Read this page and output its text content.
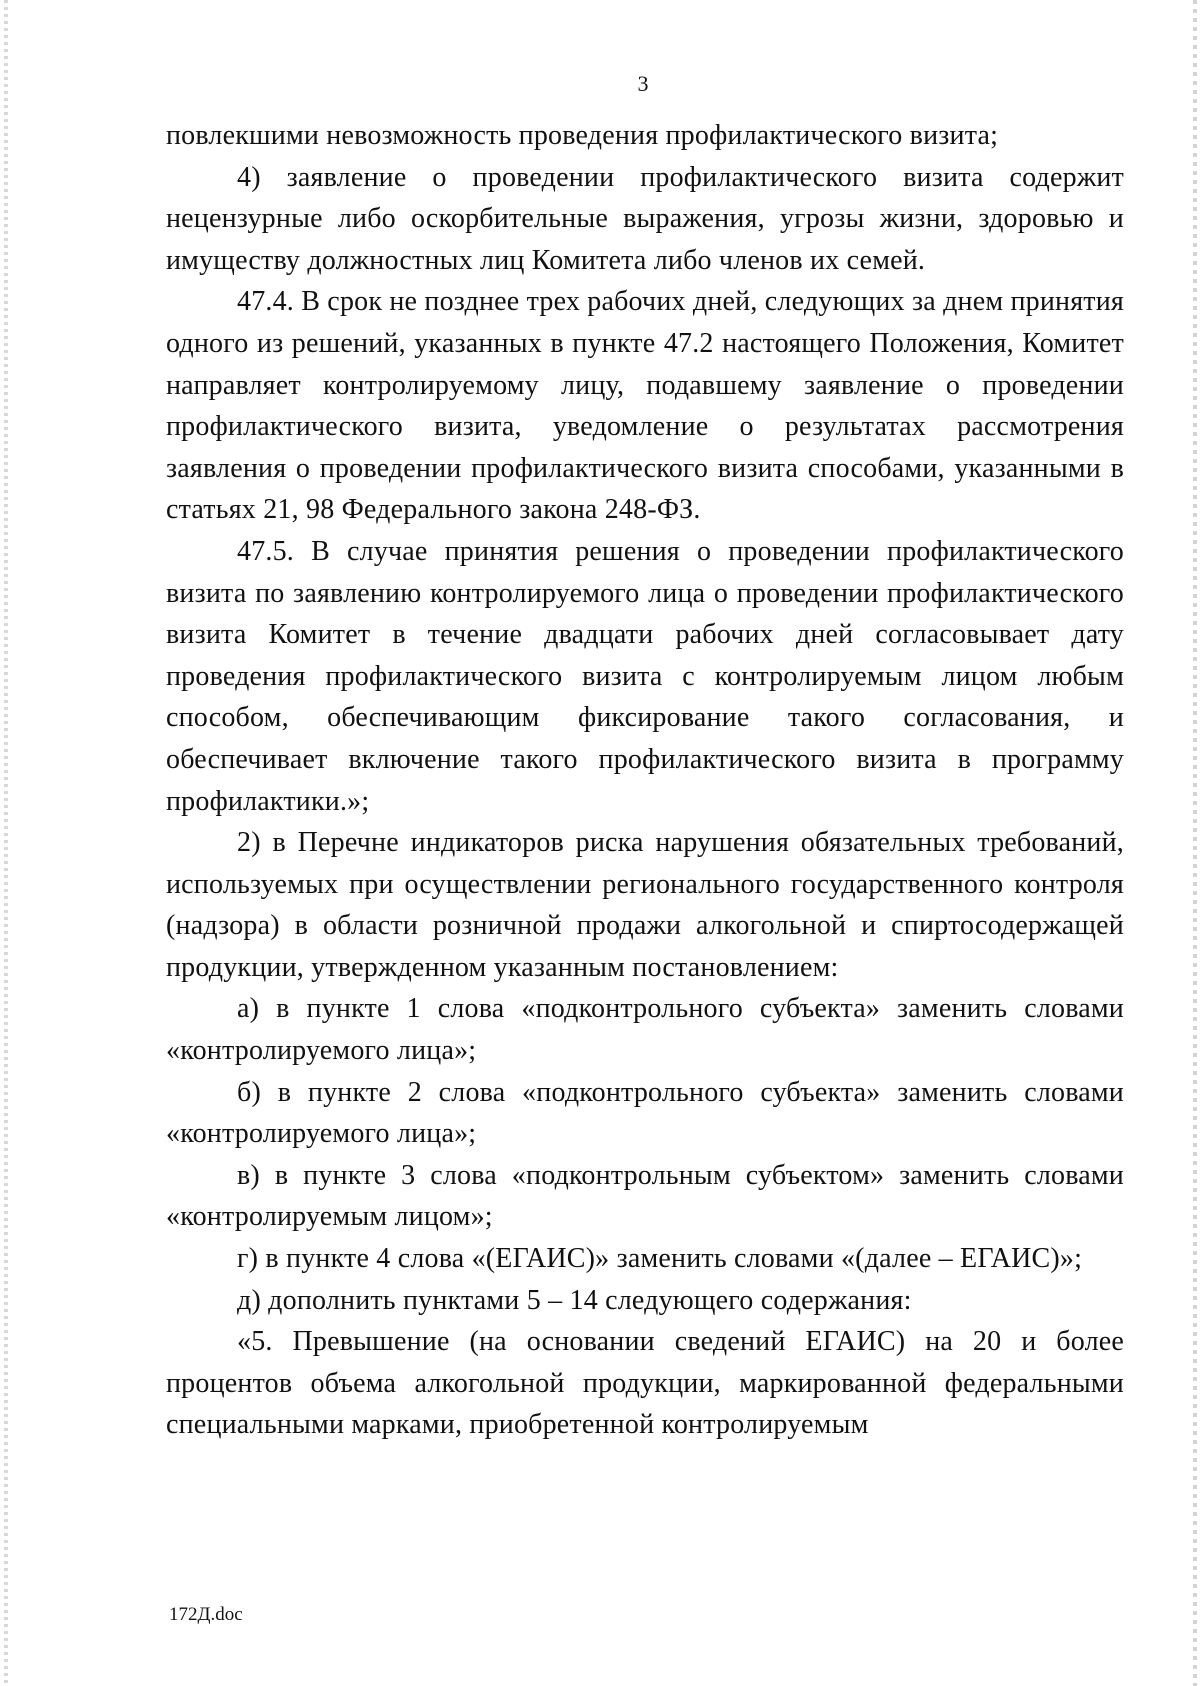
3

повлекшими невозможность проведения профилактического визита;

4) заявление о проведении профилактического визита содержит нецензурные либо оскорбительные выражения, угрозы жизни, здоровью и имуществу должностных лиц Комитета либо членов их семей.

47.4. В срок не позднее трех рабочих дней, следующих за днем принятия одного из решений, указанных в пункте 47.2 настоящего Положения, Комитет направляет контролируемому лицу, подавшему заявление о проведении профилактического визита, уведомление о результатах рассмотрения заявления о проведении профилактического визита способами, указанными в статьях 21, 98 Федерального закона 248-ФЗ.

47.5. В случае принятия решения о проведении профилактического визита по заявлению контролируемого лица о проведении профилактического визита Комитет в течение двадцати рабочих дней согласовывает дату проведения профилактического визита с контролируемым лицом любым способом, обеспечивающим фиксирование такого согласования, и обеспечивает включение такого профилактического визита в программу профилактики.»;

2) в Перечне индикаторов риска нарушения обязательных требований, используемых при осуществлении регионального государственного контроля (надзора) в области розничной продажи алкогольной и спиртосодержащей продукции, утвержденном указанным постановлением:

а) в пункте 1 слова «подконтрольного субъекта» заменить словами «контролируемого лица»;

б) в пункте 2 слова «подконтрольного субъекта» заменить словами «контролируемого лица»;

в) в пункте 3 слова «подконтрольным субъектом» заменить словами «контролируемым лицом»;

г) в пункте 4 слова «(ЕГАИС)» заменить словами «(далее – ЕГАИС)»;

д) дополнить пунктами 5 – 14 следующего содержания:

«5. Превышение (на основании сведений ЕГАИС) на 20 и более процентов объема алкогольной продукции, маркированной федеральными специальными марками, приобретенной контролируемым

172Д.doc
